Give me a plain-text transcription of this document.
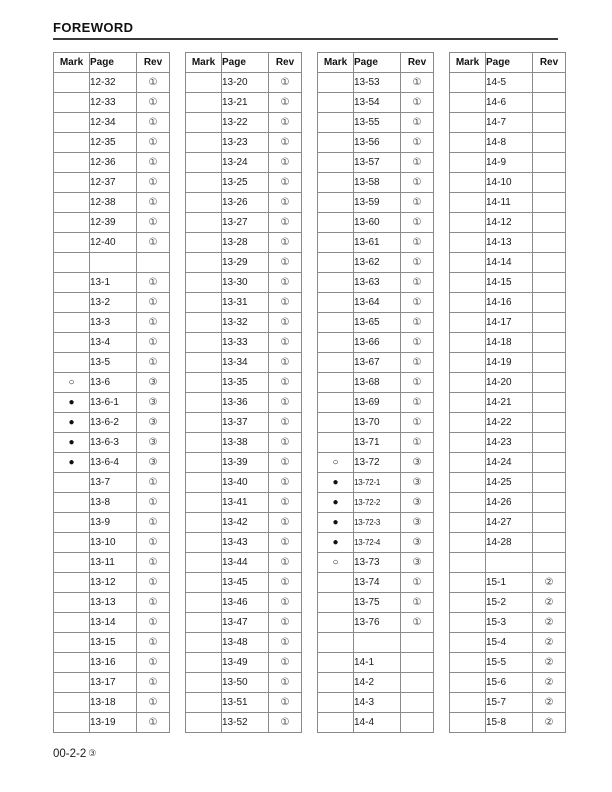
FOREWORD
Mark	Page	Rev
	12-32	①
	12-33	①
	12-34	①
	12-35	①
	12-36	①
	12-37	①
	12-38	①
	12-39	①
	12-40	①

	13-1	①
	13-2	①
	13-3	①
	13-4	①
	13-5	①
○	13-6	③
●	13-6-1	③
●	13-6-2	③
●	13-6-3	③
●	13-6-4	③
	13-7	①
	13-8	①
	13-9	①
	13-10	①
	13-11	①
	13-12	①
	13-13	①
	13-14	①
	13-15	①
	13-16	①
	13-17	①
	13-18	①
	13-19	①
Mark	Page	Rev
	13-20	①
	13-21	①
	13-22	①
	13-23	①
	13-24	①
	13-25	①
	13-26	①
	13-27	①
	13-28	①
	13-29	①
	13-30	①
	13-31	①
	13-32	①
	13-33	①
	13-34	①
	13-35	①
	13-36	①
	13-37	①
	13-38	①
	13-39	①
	13-40	①
	13-41	①
	13-42	①
	13-43	①
	13-44	①
	13-45	①
	13-46	①
	13-47	①
	13-48	①
	13-49	①
	13-50	①
	13-51	①
	13-52	①
Mark	Page	Rev
	13-53	①
	13-54	①
	13-55	①
	13-56	①
	13-57	①
	13-58	①
	13-59	①
	13-60	①
	13-61	①
	13-62	①
	13-63	①
	13-64	①
	13-65	①
	13-66	①
	13-67	①
	13-68	①
	13-69	①
	13-70	①
	13-71	①
○	13-72	③
●	13-72-1	③
●	13-72-2	③
●	13-72-3	③
●	13-72-4	③
○	13-73	③
	13-74	①
	13-75	①
	13-76	①

	14-1	
	14-2	
	14-3	
	14-4	
Mark	Page	Rev
	14-5	
	14-6	
	14-7	
	14-8	
	14-9	
	14-10	
	14-11	
	14-12	
	14-13	
	14-14	
	14-15	
	14-16	
	14-17	
	14-18	
	14-19	
	14-20	
	14-21	
	14-22	
	14-23	
	14-24	
	14-25	
	14-26	
	14-27	
	14-28	

	15-1	②
	15-2	②
	15-3	②
	15-4	②
	15-5	②
	15-6	②
	15-7	②
	15-8	②
00-2-2 ③
